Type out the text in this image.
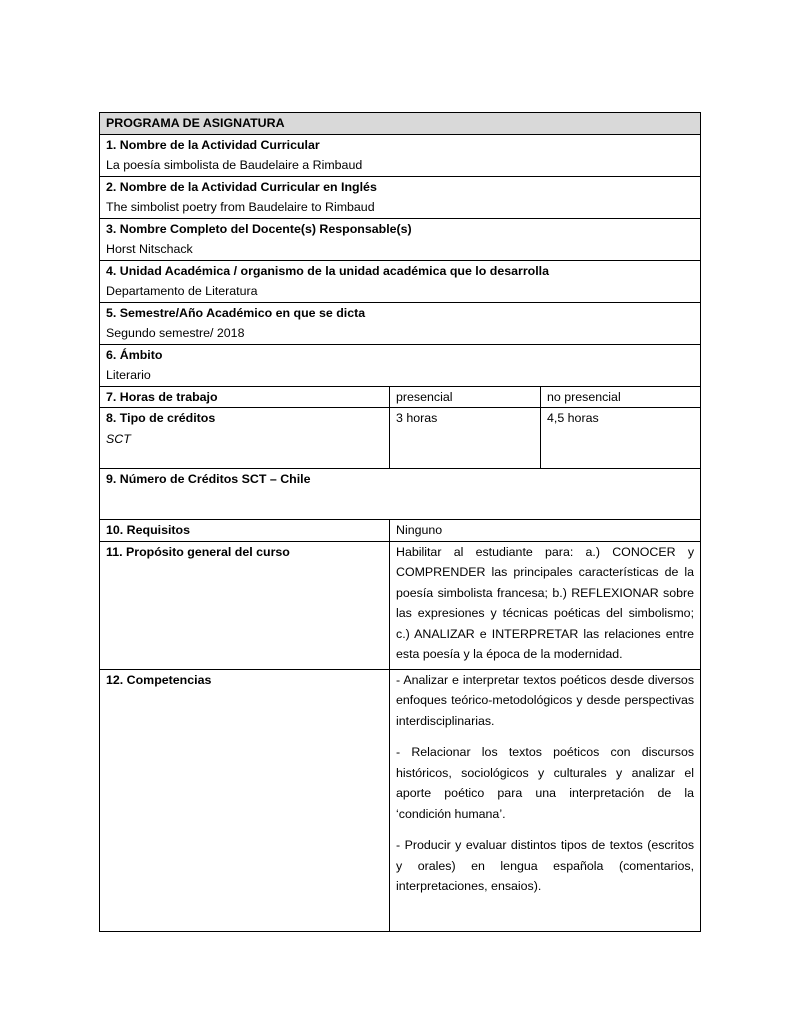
PROGRAMA DE ASIGNATURA		

1. Nombre de la Actividad Curricular
La poesía simbolista de Baudelaire a Rimbaud		

2. Nombre de la Actividad Curricular en Inglés
The simbolist poetry from Baudelaire to Rimbaud		

3. Nombre Completo del Docente(s) Responsable(s)
Horst Nitschack		

4. Unidad Académica / organismo de la unidad académica que lo desarrolla
Departamento de Literatura		

5. Semestre/Año Académico en que se dicta
Segundo semestre/ 2018		

6. Ámbito
Literario		

7. Horas de trabajo	presencial	no presencial

8. Tipo de créditos
SCT	3 horas	4,5 horas

9. Número de Créditos SCT – Chile		

10. Requisitos	Ninguno	

11. Propósito general del curso	Habilitar al estudiante para: a.) CONOCER y COMPRENDER las principales características de la poesía simbolista francesa; b.) REFLEXIONAR sobre las expresiones y técnicas poéticas del simbolismo; c.) ANALIZAR e INTERPRETAR las relaciones entre esta poesía y la época de la modernidad.	

12. Competencias	- Analizar e interpretar textos poéticos desde diversos enfoques teórico-metodológicos y desde perspectivas interdisciplinarias.

- Relacionar los textos poéticos con discursos históricos, sociológicos y culturales y analizar el aporte poético para una interpretación de la ‘condición humana’.

- Producir y evaluar distintos tipos de textos (escritos y orales) en lengua española (comentarios, interpretaciones, ensaios).	
